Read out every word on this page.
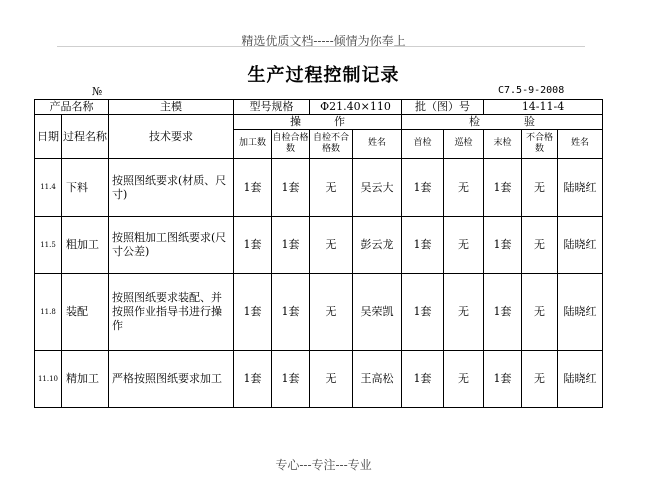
精选优质文档-----倾情为你奉上
生产过程控制记录
№	C7.5-9-2008
产品名称		主模	型号规格		Φ21.40×110		批（图）号		14-11-4		
日期	过程名称	技术要求	操　　　作				检　　　　验				
			加工数	自检合格数	自检不合格数	姓名	首检	巡检	末检	不合格数	姓名
11.4	下料	按照图纸要求(材质、尺寸)	1套	1套	无	吴云大	1套	无	1套	无	陆晓红
11.5	粗加工	按照粗加工图纸要求(尺寸公差)	1套	1套	无	彭云龙	1套	无	1套	无	陆晓红
11.8	装配	按照图纸要求装配、并按照作业指导书进行操作	1套	1套	无	吴荣凯	1套	无	1套	无	陆晓红
11.10	精加工	严格按照图纸要求加工	1套	1套	无	王高松	1套	无	1套	无	陆晓红
专心---专注---专业
